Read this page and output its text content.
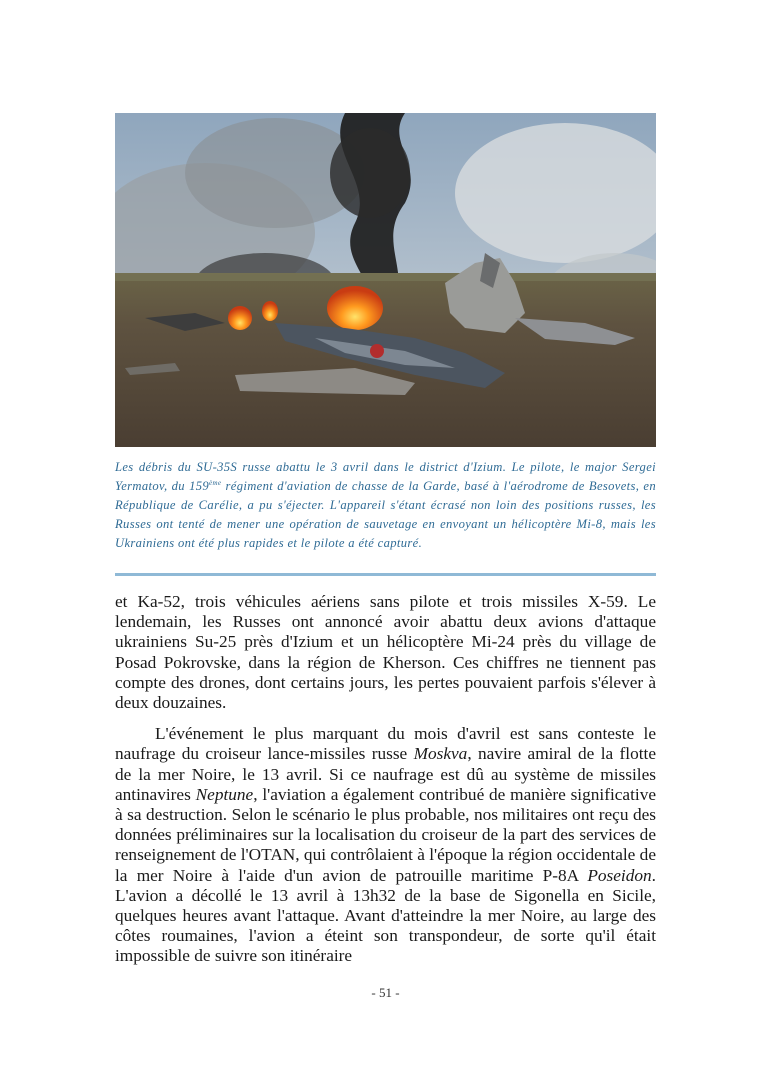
Les débris du SU-35S russe abattu le 3 avril dans le district d'Izium. Le pilote, le major Sergei Yermatov, du 159ème régiment d'aviation de chasse de la Garde, basé à l'aérodrome de Besovets, en République de Carélie, a pu s'éjecter. L'appareil s'étant écrasé non loin des positions russes, les Russes ont tenté de mener une opération de sauvetage en envoyant un hélicoptère Mi-8, mais les Ukrainiens ont été plus rapides et le pilote a été capturé.

et Ka-52, trois véhicules aériens sans pilote et trois missiles X-59. Le lendemain, les Russes ont annoncé avoir abattu deux avions d'attaque ukrainiens Su-25 près d'Izium et un hélicoptère Mi-24 près du village de Posad Pokrovske, dans la région de Kherson. Ces chiffres ne tiennent pas compte des drones, dont certains jours, les pertes pouvaient parfois s'élever à deux douzaines.

L'événement le plus marquant du mois d'avril est sans conteste le naufrage du croiseur lance-missiles russe Moskva, navire amiral de la flotte de la mer Noire, le 13 avril. Si ce naufrage est dû au système de missiles antinavires Neptune, l'aviation a également contribué de manière significative à sa destruction. Selon le scénario le plus probable, nos militaires ont reçu des données préliminaires sur la localisation du croiseur de la part des services de renseignement de l'OTAN, qui contrôlaient à l'époque la région occidentale de la mer Noire à l'aide d'un avion de patrouille maritime P-8A Poseidon. L'avion a décollé le 13 avril à 13h32 de la base de Sigonella en Sicile, quelques heures avant l'attaque. Avant d'atteindre la mer Noire, au large des côtes roumaines, l'avion a éteint son transpondeur, de sorte qu'il était impossible de suivre son itinéraire

- 51 -
